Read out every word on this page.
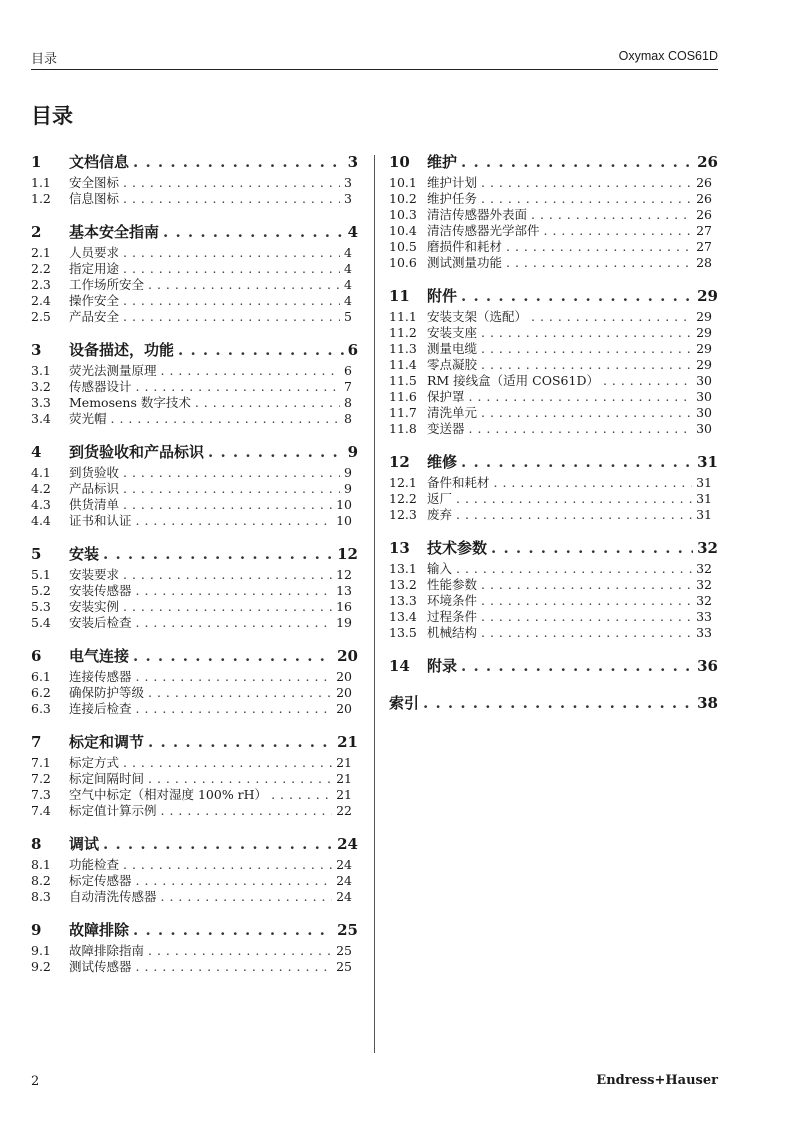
目录	Oxymax COS61D
目录
1	文档信息 . . .	3
1.1	安全图标 . . .	3
1.2	信息图标 . . .	3
2	基本安全指南 . . .	4
2.1	人员要求 . . .	4
2.2	指定用途 . . .	4
2.3	工作场所安全 . . .	4
2.4	操作安全 . . .	4
2.5	产品安全 . . .	5
3	设备描述，功能 . . .	6
3.1	荧光法测量原理 . . .	6
3.2	传感器设计 . . .	7
3.3	Memosens 数字技术 . . .	8
3.4	荧光帽 . . .	8
4	到货验收和产品标识 . . .	9
4.1	到货验收 . . .	9
4.2	产品标识 . . .	9
4.3	供货清单 . . .	10
4.4	证书和认证 . . .	10
5	安装 . . .	12
5.1	安装要求 . . .	12
5.2	安装传感器 . . .	13
5.3	安装实例 . . .	16
5.4	安装后检查 . . .	19
6	电气连接 . . .	20
6.1	连接传感器 . . .	20
6.2	确保防护等级 . . .	20
6.3	连接后检查 . . .	20
7	标定和调节 . . .	21
7.1	标定方式 . . .	21
7.2	标定间隔时间 . . .	21
7.3	空气中标定（相对湿度 100% rH） . . .	21
7.4	标定值计算示例 . . .	22
8	调试 . . .	24
8.1	功能检查 . . .	24
8.2	标定传感器 . . .	24
8.3	自动清洗传感器 . . .	24
9	故障排除 . . .	25
9.1	故障排除指南 . . .	25
9.2	测试传感器 . . .	25
10	维护 . . .	26
10.1 维护计划 . . .	26
10.2 维护任务 . . .	26
10.3 清洁传感器外表面 . . .	26
10.4 清洁传感器光学部件 . . .	27
10.5 磨损件和耗材 . . .	27
10.6 测试测量功能 . . .	28
11	附件 . . .	29
11.1 安装支架（选配） . . .	29
11.2 安装支座 . . .	29
11.3 测量电缆 . . .	29
11.4 零点凝胶 . . .	29
11.5 RM 接线盒（适用 COS61D） . . .	30
11.6 保护罩 . . .	30
11.7 清洗单元 . . .	30
11.8 变送器 . . .	30
12	维修 . . .	31
12.1 备件和耗材 . . .	31
12.2 返厂 . . .	31
12.3 废弃 . . .	31
13	技术参数 . . .	32
13.1 输入 . . .	32
13.2 性能参数 . . .	32
13.3 环境条件 . . .	32
13.4 过程条件 . . .	33
13.5 机械结构 . . .	33
14	附录 . . .	36
索引 . . .	38
2	Endress+Hauser
